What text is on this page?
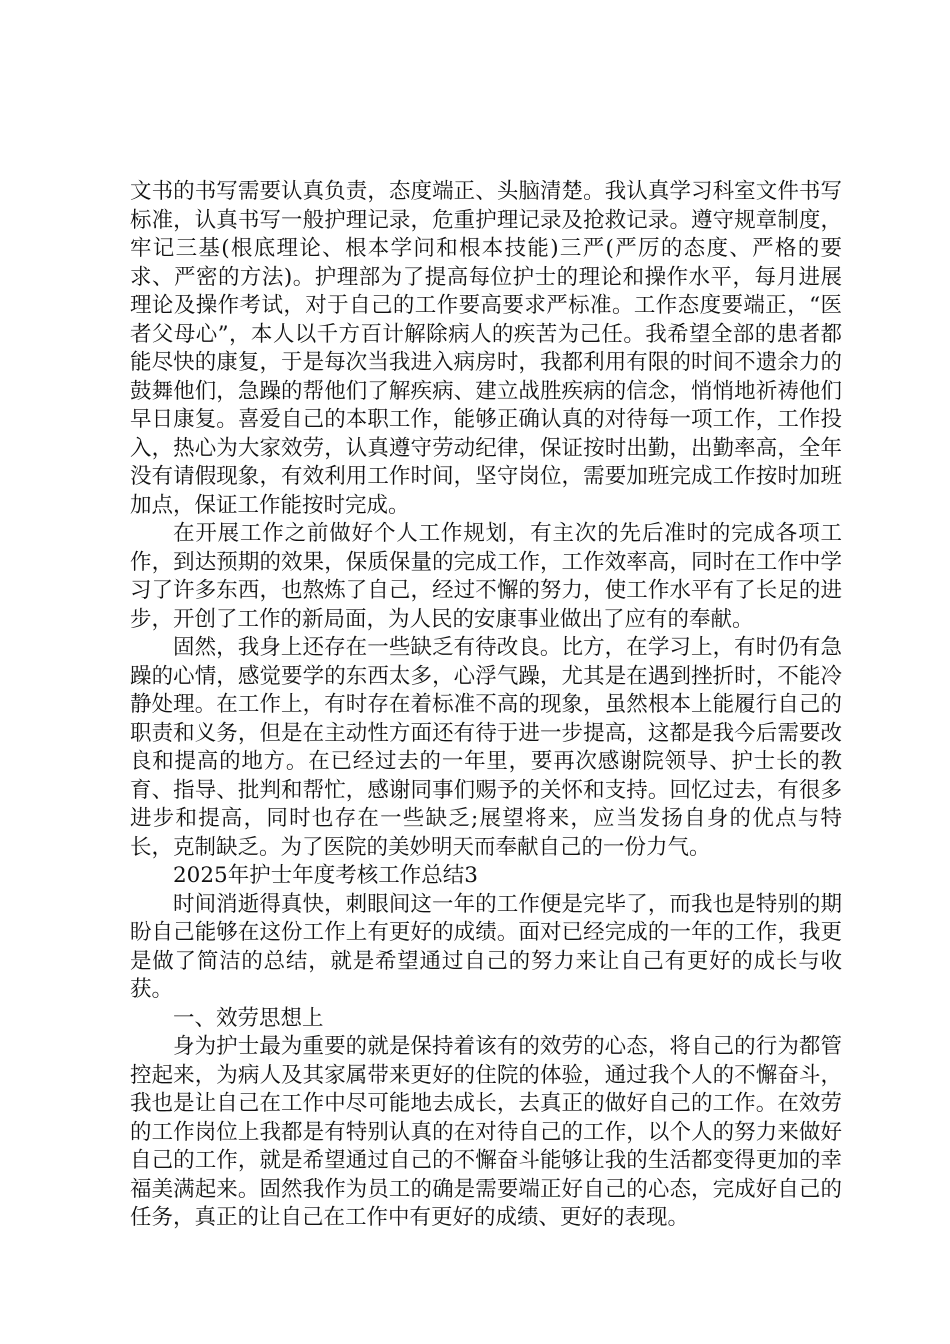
文书的书写需要认真负责，态度端正、头脑清楚。我认真学习科室文件书写标准，认真书写一般护理记录，危重护理记录及抢救记录。遵守规章制度，牢记三基(根底理论、根本学问和根本技能)三严(严厉的态度、严格的要求、严密的方法)。护理部为了提高每位护士的理论和操作水平，每月进展理论及操作考试，对于自己的工作要高要求严标准。工作态度要端正，“医者父母心”，本人以千方百计解除病人的疾苦为己任。我希望全部的患者都能尽快的康复，于是每次当我进入病房时，我都利用有限的时间不遗余力的鼓舞他们，急躁的帮他们了解疾病、建立战胜疾病的信念，悄悄地祈祷他们早日康复。喜爱自己的本职工作，能够正确认真的对待每一项工作，工作投入，热心为大家效劳，认真遵守劳动纪律，保证按时出勤，出勤率高，全年没有请假现象，有效利用工作时间，坚守岗位，需要加班完成工作按时加班加点，保证工作能按时完成。

在开展工作之前做好个人工作规划，有主次的先后准时的完成各项工作，到达预期的效果，保质保量的完成工作，工作效率高，同时在工作中学习了许多东西，也熬炼了自己，经过不懈的努力，使工作水平有了长足的进步，开创了工作的新局面，为人民的安康事业做出了应有的奉献。

固然，我身上还存在一些缺乏有待改良。比方，在学习上，有时仍有急躁的心情，感觉要学的东西太多，心浮气躁，尤其是在遇到挫折时，不能冷静处理。在工作上，有时存在着标准不高的现象，虽然根本上能履行自己的职责和义务，但是在主动性方面还有待于进一步提高，这都是我今后需要改良和提高的地方。在已经过去的一年里，要再次感谢院领导、护士长的教育、指导、批判和帮忙，感谢同事们赐予的关怀和支持。回忆过去，有很多进步和提高，同时也存在一些缺乏;展望将来，应当发扬自身的优点与特长，克制缺乏。为了医院的美妙明天而奉献自己的一份力气。

2025年护士年度考核工作总结3

时间消逝得真快，刺眼间这一年的工作便是完毕了，而我也是特别的期盼自己能够在这份工作上有更好的成绩。面对已经完成的一年的工作，我更是做了简洁的总结，就是希望通过自己的努力来让自己有更好的成长与收获。

一、效劳思想上

身为护士最为重要的就是保持着该有的效劳的心态，将自己的行为都管控起来，为病人及其家属带来更好的住院的体验，通过我个人的不懈奋斗，我也是让自己在工作中尽可能地去成长，去真正的做好自己的工作。在效劳的工作岗位上我都是有特别认真的在对待自己的工作，以个人的努力来做好自己的工作，就是希望通过自己的不懈奋斗能够让我的生活都变得更加的幸福美满起来。固然我作为员工的确是需要端正好自己的心态，完成好自己的任务，真正的让自己在工作中有更好的成绩、更好的表现。
